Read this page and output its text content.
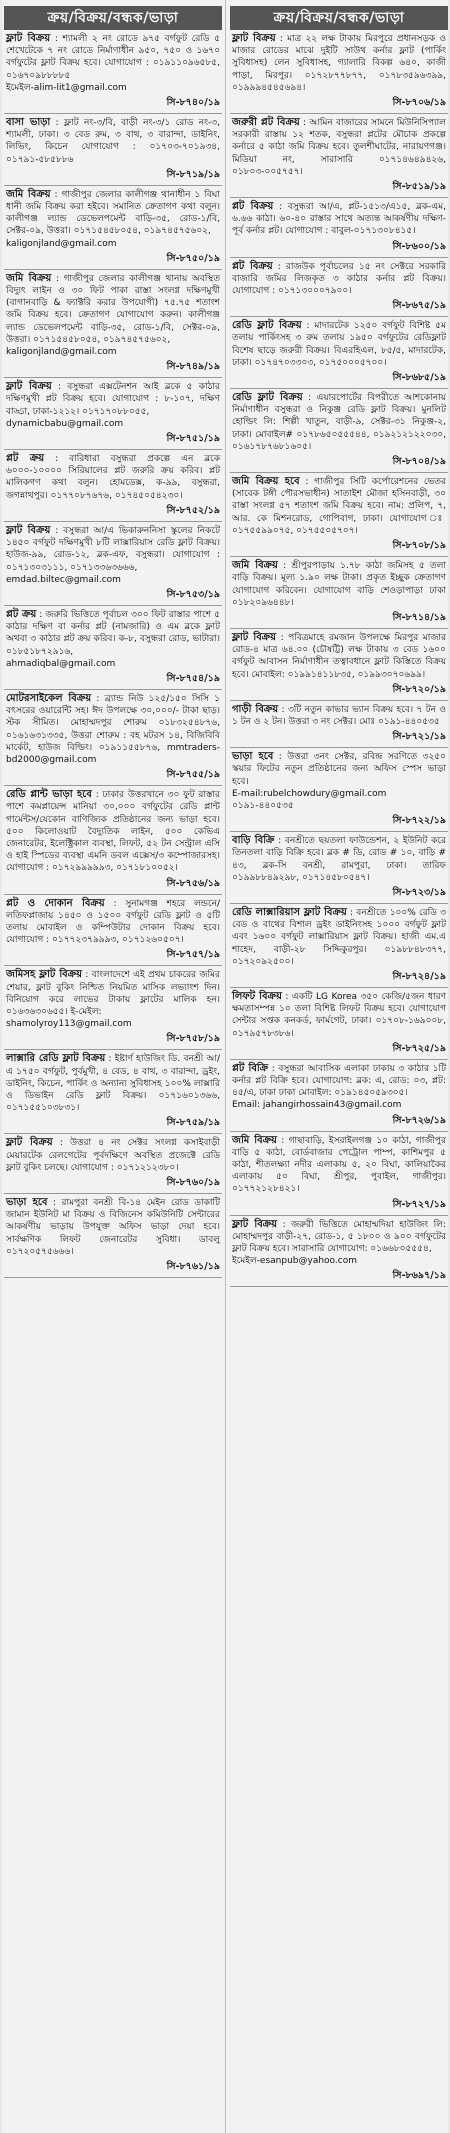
ক্রয়/বিক্রয়/বন্ধক/ভাড়া
ফ্লাট বিক্রয় : শ্যামলী ২ নং রোডে ৯৭৫ বর্গফুট রেডি ৫ শেখেটেকে ৭ নং রোডে নির্মাণাধীন ৯৫০, ৭৫০ ও ১৬৭০ বর্গফুটের ফ্লাট বিক্রয় হবে। যোগাযোগ : ০১৯১১০৯৬৫৮৫, ০১৬৭০৯৮৮৮৮৫
ইমেইল-alim-lit1@gmail.com
সি-৮৭৪০/১৯
বাসা ভাড়া : ফ্লাট নং-৩/বি, বাড়ী নং-৩/১ রোড নং-৩, শ্যামলী, ঢাকা। ৩ বেড রুম, ৩ বাথ, ৩ বারান্দা, ডাইনিং, লিভিং, কিচেন যোগাযোগ : ০১৭০৩-৭০১৯৩৪, ০১৭৯১-৫৮৫৮৮৬
সি-৮৭১৯/১৯
জমি বিক্রয় : গাজীপুর জেলার কালীগঞ্জ থানাধীন ১ বিঘা ধানী জমি বিক্রয় করা হইবে। সমানিত ক্রেতাগণ কথা বলুন। কালীগঞ্জ ল্যান্ড ডেভেলপমেন্ট বাড়ি-৩৫, রোড-১/বি, সেক্টর-০৯, উত্তরা। ০১৭১৫৪৫৮০৫৪, ০১৯৭৪৫৭৫৬০২,
kaligonjland@gmail.com
সি-৮৭৫০/১৯
জমি বিক্রয় : গাজীপুর জেলার কালীগঞ্জ থানায় অবস্থিত বিদ্যুৎ লাইন ও ৩০ ফিট পাকা রাস্তা সংলগ্ন দক্ষিণমুখী (বাগানবাড়ি & ফ্যাক্টরি করার উপযোগী) ৭৫.৭৫ শতাংশ জমি বিক্রয় হবে। ক্রেতাগণ যোগাযোগ করুন। কালীগঞ্জ ল্যান্ড ডেভেলপমেন্ট বাড়ি-৩৫, রোড-১/বি, সেক্টর-০৯, উত্তরা। ০১৭১৫৪৫৮০৫৪, ০১৯৭৪৫৭৫৬০২,
kaligonjland@gmail.com
সি-৮৭৪৯/১৯
ফ্লাট বিক্রয় : বসুন্ধরা এক্সটেনশন আই ব্লকে ৫ কাঠার দক্ষিণমুখী প্লট বিক্রয় হবে। যোগাযোগ : ৮-১০৭, দক্ষিণ বাড্ডা, ঢাকা-১২১২। ০১৭১৭০৮৮০৫৫,
dynamicbabu@gmail.com
সি-৮৭৫১/১৯
প্লট ক্রয় : বারিধারা বসুন্ধরা প্রকল্পে এন ব্লকে ৬০০০-১০০০০ সিরিয়ালের প্লট জরুরি ক্রয় করিব। প্লট মালিকগণ কথা বলুন। হোমডেক্স, ক-৯৯, বসুন্ধরা, জগন্নাথপুর। ০১৭৭০৮৭৬৭৬, ০১৭৪৫০৫৪২৩০।
সি-৮৭৫২/১৯
ফ্লাট বিক্রয় : বসুন্ধরা আ/এ ভিকারুননিসা স্কুলের নিকটে ১৪৫০ বর্গফুট দক্ষিণমুখী ৮টি লাক্সারিয়াস রেডি ফ্লাট বিক্রয়। হাউজ-৯৯, রোড-১২, ব্লক-এফ, বসুন্ধরা। যোগাযোগ : ০১৭১৩০৩১১১, ০১৭১৩৩৬৩৬৬৬,
emdad.biltec@gmail.com
সি-৮৭৫৩/১৯
প্লট ক্রয় : জরুরি ভিত্তিতে পূর্বাচল ৩০০ ফিট রাস্তার পাশে ৫ কাঠার দক্ষিণ বা কর্নার প্লট (নামজারি) ও এম ব্লকে ফ্লাট অথবা ৩ কাঠার প্লট ক্রয় করিব। ক-৮, বসুন্ধরা রোড, ভাটারা। ০১৮৫১৮৭২৯১৬,
ahmadiqbal@gmail.com
সি-৮৭৫৪/১৯
মোটরসাইকেল বিক্রয় : ব্র্যান্ড নিউ ১২৫/১৫০ সিসি ১ বৎসরের ওয়ারেন্টি সহ। ঈদ উপলক্ষে ৩০,০০০/- টাকা ছাড়। স্টক সীমিত। মোহাম্মদপুর শোরুম ০১৮৩২৫৪৮৭৬, ০১৬১৬৩১৩৩৫, উত্তরা শোরুম : বহ মটরস ১৪, বিজিবিবি মার্কেট, হাউজ বিল্ডিং। ০১৯১১৫৫৮৭৬, mmtraders-bd2000@gmail.com
সি-৮৭৫৫/১৯
রেডি প্লান্ট ভাড়া হবে : ঢাকার উত্তরখানে ৩০ ফুট রাস্তার পাশে কমপ্লায়েন্স মানিয়া ৩০,০০০ বর্গফুটের রেডি প্লান্ট গার্মেন্টস/যেকোন বাণিজ্যিক প্রতিষ্ঠানের জন্য ভাড়া হবে। ৫০০ কিলোওয়াট বৈদ্যুতিক লাইন, ৫০০ কেভিএ জেনারেটর, ইলেক্ট্রিকাল ব্যবস্থা, লিফট, ৫২ টন সেন্ট্রাল এসি ও হাই স্পিডের ব্যবস্থা এমনি ডবল এক্সেস/৩ কম্পোজারসহ। যোগাযোগ : ০১৭২৯৯৯৯৯৩, ০১৭১৮১০০৫২।
সি-৮৭৫৬/১৯
প্লট ও দোকান বিক্রয় : সুনামগঞ্জ শহরে লন্ডনে/লতিফপ্লাজায় ১৪৫০ ও ১৫০০ বর্গফুট রেডি ফ্লাট ও ৫টি তলায় মোবাইল ও কম্পিউটার দোকান বিক্রয় হবে। যোগাযোগ : ০১৭৭২৩৭৯৯৯৩, ০১৭১২৬০৫০৭।
সি-৮৭৫৭/১৯
জমিসহ ফ্লাট বিক্রয় : বাংলাদেশে এই প্রথম চাকরের জমির শেয়ার, ফ্লাট বুকিং নিশ্চিত নিয়মিত মাসিক লভ্যাংশ দিন। বিনিয়োগ করে লাভের টাকায় ফ্লাটের মালিক হন। ০১৬৩৬৩০৬৫৫। ই-মেইল:
shamolyroy113@gmail.com
সি-৮৭৫৮/১৯
লাক্সারি রেডি ফ্লাট বিক্রয় : ইষ্টার্ণ হাউজিং ডি. বনশ্রী আ/এ ১৭৫০ বর্গফুট, পুর্বমুখী, ৪ বেড, ৪ বাথ, ৩ বারান্দা, ড্রইং, ডাইনিং, কিচেন, পার্কিং ও অন্যান্য সুবিধাসহ ১০০% লাক্সারি ও ডিভাইন রেডি ফ্লাট বিক্রয়। ০১৭১৬০১৩৬৬, ০১৭১৫৫১০৩৮৩১।
সি-৮৭৫৯/১৯
ফ্লাট বিক্রয় : উত্তরা ৪ নং সেক্টর সংলগ্ন কসাইবাড়ী মেয়ারটেক রেলগেটের পূর্বদক্ষিণে অবস্থিত প্রজেক্টে রেডি ফ্লাট বুকিং চলছে। যোগাযোগ : ০১৭১২১২৩৮০।
সি-৮৭৬০/১৯
ভাড়া হবে : রামপুরা বনশ্রী বি-১৪ মেইন রোড ডাকাটি জামান ইউনিট মা বিক্রয় ও বিজিনেস কমিউনিটি সেন্টারের আকর্ষণীয় ভাড়ায় উপযুক্ত অফিস ভাড়া দেয়া হবে। সার্বক্ষণিক লিফট জেনারেটর সুবিধা। ডাবলু ০১৭২০৫৭৫৬৬৬।
সি-৮৭৬১/১৯
ক্রয়/বিক্রয়/বন্ধক/ভাড়া
ফ্লাট বিক্রয় : মাত্র ২২ লক্ষ টাকায় মিরপুরে প্রধানসড়ক ও মাজার রোডের মাঝে দুইটি সাউথ কর্নার ফ্লাট (পার্কিং সুবিধাসহ) লেন সুবিধাসহ, গ্যালারি বিকল্প ৬৪০, কাজী পাড়া, মিরপুর। ০১৭২৮৭৭৮৭৭, ০১৭৮৩৫৯৬৩৯৯, ০১৯৯৯৪৫৪৫৬৯৪।
সি-৮৭০৬/১৯
জরুরী প্লট বিক্রয় : আমিন বাজারের সামনে মিউনিসিপ্যাল সরকারী রাস্তায় ১২ শতক, বসুন্ধরা প্লটের মৌচাক প্রকল্পে কর্নারে ৫ কাঠা জমি বিক্রয় হবে। তুলশীঘাটের, নারায়ণগঞ্জ। মিডিয়া নং, সারাসারি ০১৭১৪৬৪৯৪২৬, ০১৮০৩-০০৫৭৫৭।
সি-৮৫১৯/১৯
প্লট বিক্রয় : বসুন্ধরা আ/এ, প্লট-১৫১৩/এ১৫, ব্লক-এম, ৬.৬৬ কাঠা। ৬০-৪০ রাস্তার সাথে অত্যন্ত আকর্ষণীয় দক্ষিণ-পূর্ব কর্নার প্লট। যোগাযোগ : বাবুল-০১৭১৩০৮৪১৫।
সি-৮৬০০/১৯
প্লট বিক্রয় : রাজউক পূর্বাচলের ১৫ নং সেক্টরে সরকারি বাজারি জমির লিজকৃত ৩ কাঠার কর্নার প্লট বিক্রয়। যোগাযোগ : ০১৭১৩০০০৭৯০০।
সি-৮৬৭৫/১৯
রেডি ফ্লাট বিক্রয় : মাদারটেক ১২৫০ বর্গফুট বিশিষ্ট ৫ম তলায় পার্কিংসহ ৩ রুম তলায় ১৯৫০ বর্গফুটের রেডিফ্লাট বিশেষ ছাড়ে জরুরী বিক্রয়। বিএরহিএল, ৮৫/৫, মাদারটেক, ঢাকা। ০১৭৪৭০৩৩০৩, ০১৭৫০০০৫৭০০।
সি-৮৬৮৫/১৯
রেডি ফ্লাট বিক্রয় : এয়ারপোর্টের বিপরীতে আশকোনায় নির্মাণাধীন বসুন্ধরা ও নিকুঞ্জ রেডি ফ্লাট বিক্রয়। মুনলিট হোল্ডিং লি: শিল্পী খাতুন, বাড়ী-৯, সেক্টর-৩১ নিকুঞ্জ-২, ঢাকা। মোবাইল# ০১৭৮৬৫০৫৫৫৪৪, ০১৯২১২১২২০৩০, ০১৬১৭৮৭৬৮১৬০৫।
সি-৮৭০৪/১৯
জমি বিক্রয় হবে : গাজীপুর সিটি কর্পোরেশনের ভেতর (সাবেক টঙ্গী পৌরসভাধীন) সাতাইশ মৌজা হসিনবাড়ী, ৩০ রাস্তা সংলগ্ন ৫৭ শতাংশ জমি বিক্রয় হবে। নাম: প্রলিপ, ৭, আর. কে মিশনরোড, গোপিবাগ, ঢাকা। যোগাযোগ ঃ ০১৭৫৫৯৯০৭৫, ০১৭৫৫০৫৭০৭।
সি-৮৭০৮/১৯
জমি বিক্রয় : শ্রীপুরপাড়ায় ১.৭৮ কাঠা জমিসহ ৫ তলা বাড়ি বিক্রয়। মূল্য ১.৯০ লক্ষ টাকা। প্রকৃত ইচ্ছুক ক্রেতাগণ যোগাযোগ করিবেন। যোগাযোগ বাড়ি শেওড়াপাড়া ঢাকা ০১৮২০৯৬৪৪৮।
সি-৮৭১৪/১৯
ফ্লাট বিক্রয় : পবিত্রমাহে রমজান উপলক্ষে মিরপুর মাজার রোড-৪ মাত্র ৬৪.০০ (চৌষট্টি) লক্ষ টাকায় ৩ বেড ১৬০০ বর্গফুট আবাসন নির্মাণাধীন তত্বাবধানে ফ্লাট কিস্তিতে বিক্রয় হবে। মোবাইল: ০১৯৯১৪১১৮৩৫, ০১৯৯৩০৭০৬৯৯।
সি-৮৭২০/১৯
গাড়ী বিক্রয় : ৩টি নতুন কাভার ভ্যান বিক্রয় হবে। ৭ টন ও ১ টন ও ২ টন। উত্তরা ৩ নং সেক্টর। মোঃ ০১৯১-৪৪০৫৩৫
সি-৮৭২১/১৯
ভাড়া হবে : উত্তরা ৩নং সেক্টর, রবিন্দ্র সরণিতে ৩২৫০ স্কয়ার ফিটের নতুন প্রতিষ্ঠানের জন্য অফিস স্পেস ভাড়া হবে।
E-mail:rubelchowdury@gmail.com ০১৯১-৪৪০৫৩৫
সি-৮৭২২/১৯
বাড়ি বিক্রি : বনশ্রীতে ছয়তলা ফাউন্ডেশন, ২ ইউনিট করে তিনতলা বাড়ি বিক্রি হবে। ব্লক # ডি, রোড # ১০, বাড়ি # ৪৩, ব্লক-সি বনশ্রী, রামপুরা, ঢাকা। তারিফ ০১৯৯৮৮৪৯২৯৮, ০১৭১৪৫৮০৫৪৭।
সি-৮৭২৩/১৯
রেডি লাক্সারিয়াস ফ্লাট বিক্রয় : বনশ্রীতে ১০০% রেডি ৩ বেড ও বাথের বিশাল ড্রইং ডাইনিংসহ ১০০০ বর্গফুট ফ্লাট এবং ১৬০০ বর্গফুট লাক্সারিয়াস ফ্লাট বিক্রয়। হাজী এম.এ শাহেদ, বাড়ী-২৮ সিদ্দিকুরপুর। ০১৯৮৮৪৮৩৭৭, ০১৭২০৯২৫০০।
সি-৮৭২৪/১৯
লিফট বিক্রয় : একটি LG Korea ৩৫০ কেজি/৫জন ধারণ ক্ষমতাসম্পন্ন ১০ তলা বিশিষ্ট লিফট বিক্রয় হবে। যোগাযোগ সেন্টার সপ্তক কনকর্ড, ফার্মগেট, ঢাকা। ০১৭০৮-১৬৯০০৮, ০১৭৯৫৭৮৩৮৬।
সি-৮৭২৫/১৯
প্লট বিক্রি : বসুন্ধরা আবাসিক এলাকা ঢাকায় ৩ কাঠার ১টি কর্নার প্লট বিক্রি হবে। যোগাযোগ: ব্লক: এ, রোড: ০৩, প্লট: ৪৫/এ, ঢাকা ঢাকা মোবাইল: ০১৯১৪৫০৫৯৩০৫।
Email: jahangirhossain43@gmail.com
সি-৮৭২৬/১৯
জমি বিক্রয় : গাছাবাড়ি, ইসরাইলগঞ্জ ১০ কাঠা, গাজীপুর বাড়ি ৫ কাঠা, বোর্ডবাজার পেট্রোল পাম্প, কাশিমপুর ৫ কাঠা, শীতলক্ষ্যা নদীর এলাকায় ৫, ২০ বিঘা, কালিয়াকৈর এলাকায় ৫০ বিঘা, শ্রীপুর, পুবাইল, গাজীপুর। ০১৭৭২১২৮৪২১।
সি-৮৭২৭/১৯
ফ্লাট বিক্রয় : জরুরী ভিত্তিতে মোহাম্মদিয়া হাউজিং লি: মোহাম্মদপুর বাড়ী-২৭, রোড-১, ৫ ১৮০০ ও ৯০০ বর্গফুটের ফ্লাট বিক্রয় হবে। সারাসারি যোগাযোগ: ০১৬৬৮০৫৫৫৪,
ইমেইল-esanpub@yahoo.com
সি-৮৬৯৭/১৯
